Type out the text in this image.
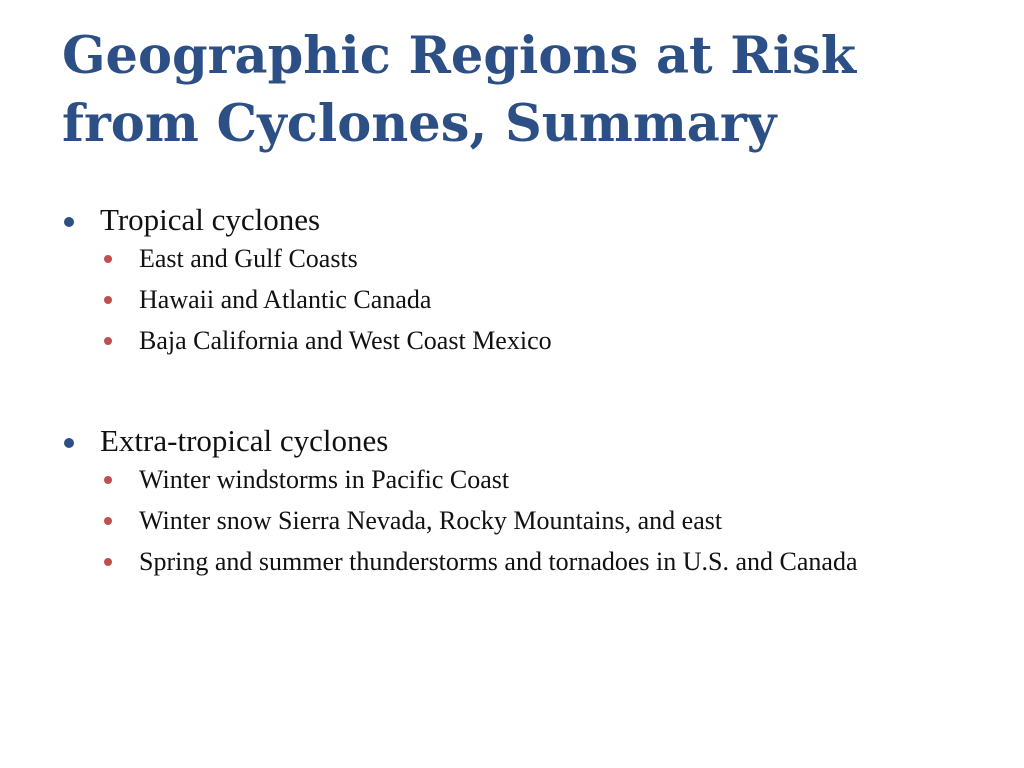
Geographic Regions at Risk from Cyclones, Summary
Tropical cyclones
East and Gulf Coasts
Hawaii and Atlantic Canada
Baja California and West Coast Mexico
Extra-tropical cyclones
Winter windstorms in Pacific Coast
Winter snow Sierra Nevada, Rocky Mountains, and east
Spring and summer thunderstorms and tornadoes in U.S. and Canada
